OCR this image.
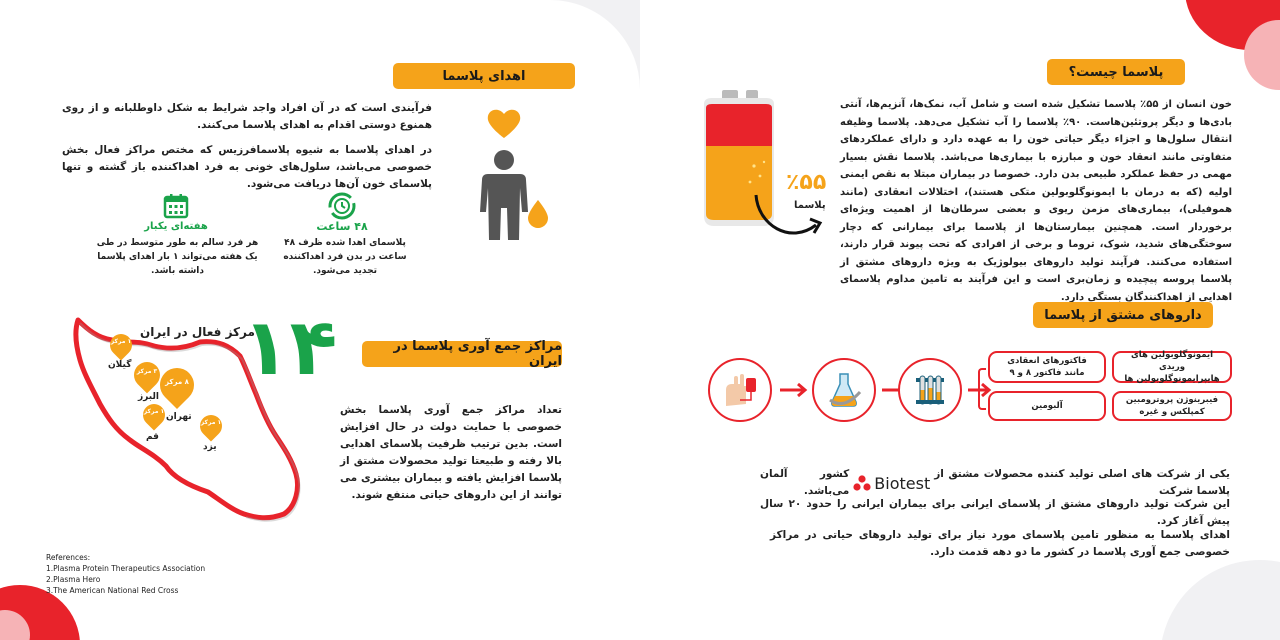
اهدای پلاسما

فرآیندی است که در آن افراد واجد شرایط به شکل داوطلبانه و از روی همنوع دوستی اقدام به اهدای پلاسما می‌کنند.

در اهدای پلاسما به شیوه پلاسمافرزیس که مختص مراکز فعال بخش خصوصی می‌باشد، سلول‌های خونی به فرد اهداکننده باز گشته و تنها پلاسمای خون آن‌ها دریافت می‌شود.

۴۸ ساعت
پلاسمای اهدا شده ظرف ۴۸ ساعت در بدن فرد اهداکننده تجدید می‌شود.
هفته‌ای یکبار
هر فرد سالم به طور متوسط در طی یک هفته می‌تواند ۱ بار اهدای پلاسما داشته باشد.
مرکز فعال در ایران
۱۴
۱ مرکز
گیلان
۳ مرکز
البرز
۸ مرکز
تهران
۱ مرکز
قم
۱ مرکز
یزد
مراکز جمع آوری پلاسما در ایران
تعداد مراکز جمع آوری پلاسما بخش خصوصی با حمایت دولت در حال افزایش است. بدین ترتیب ظرفیت پلاسمای اهدایی بالا رفته و طبیعتا تولید محصولات مشتق از پلاسما افزایش یافته و بیماران بیشتری می توانند از این داروهای حیاتی منتفع شوند.
References:
1.Plasma Protein Therapeutics Association
2.Plasma Hero
3.The American National Red Cross
پلاسما چیست؟
خون انسان از ۵۵٪ پلاسما تشکیل شده است و شامل آب، نمک‌ها، آنزیم‌ها، آنتی بادی‌ها و دیگر پروتئین‌هاست. ۹۰٪ پلاسما را آب تشکیل می‌دهد. پلاسما وظیفه انتقال سلول‌ها و اجزاء دیگر حیاتی خون را به عهده دارد و دارای عملکردهای متفاوتی مانند انعقاد خون و مبارزه با بیماری‌ها می‌باشد. پلاسما نقش بسیار مهمی در حفظ عملکرد طبیعی بدن دارد. خصوصا در بیماران مبتلا به نقص ایمنی اولیه (که به درمان با ایمونوگلوبولین متکی هستند)، اختلالات انعقادی (مانند هموفیلی)، بیماری‌های مزمن ریوی و بعضی سرطان‌ها از اهمیت ویژه‌ای برخوردار است. همچنین بیمارستان‌ها از پلاسما برای بیمارانی که دچار سوختگی‌های شدید، شوک، تروما و برخی از افرادی که تحت پیوند قرار دارند، استفاده می‌کنند. فرآیند تولید داروهای بیولوژیک به ویژه داروهای مشتق از پلاسما پروسه پیچیده و زمان‌بری است و این فرآیند به تامین مداوم پلاسمای اهدایی از اهداکنندگان بستگی دارد.
٪۵۵
پلاسما
داروهای مشتق از پلاسما
ایمونوگلوبولین های وریدی هایپرایمونوگلوبولین ها
فاکتورهای انعقادی مانند فاکتور ۸ و ۹
فیبرینوژن پروترومبین کمپلکس و غیره
آلبومین
یکی از شرکت های اصلی تولید کننده محصولات مشتق از پلاسما شرکت
Biotest
کشور آلمان می‌باشد.
این شرکت تولید داروهای مشتق از پلاسمای ایرانی برای بیماران ایرانی را حدود ۲۰ سال پیش آغاز کرد.
اهدای پلاسما به منظور تامین پلاسمای مورد نیاز برای تولید داروهای حیاتی در مراکز خصوصی جمع آوری پلاسما در کشور ما دو دهه قدمت دارد.
